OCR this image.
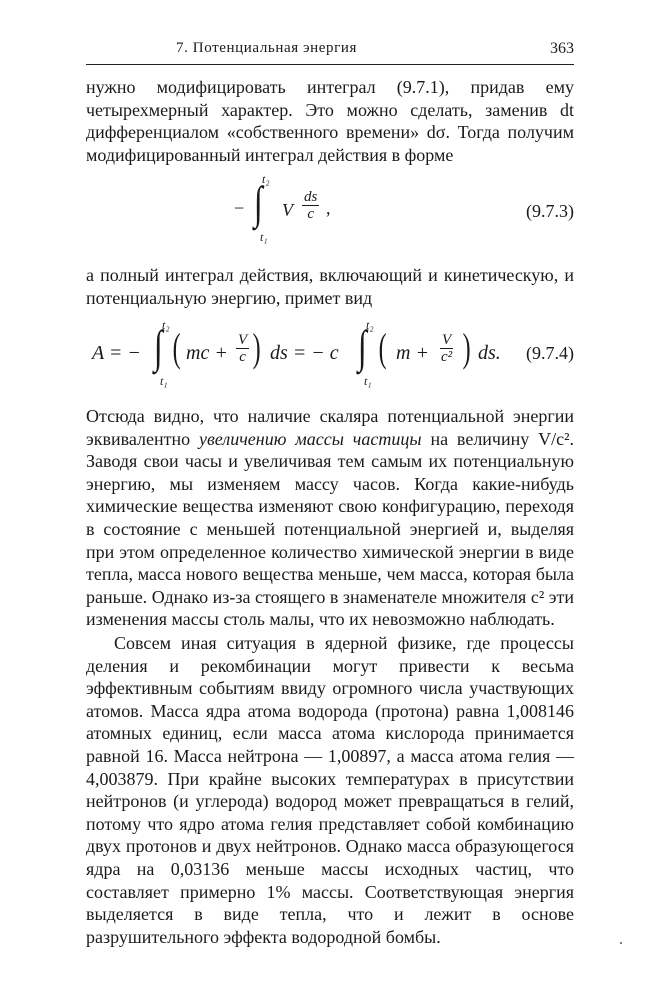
7. Потенциальная энергия	363

нужно модифицировать интеграл (9.7.1), придав ему четырехмерный характер. Это можно сделать, заменив dt дифференциалом «собственного времени» dσ. Тогда получим модифицированный интеграл действия в форме

−
t₂
∫
t₁
V $\frac{ds}{c}$ ,	(9.7.3)

а полный интеграл действия, включающий и кинетическую, и потенциальную энергию, примет вид

A = −
t₂
∫
t₁
( mc + $\frac{V}{c}$ ) ds = − c
t₂
∫
t₁
( $m + \frac{V}{\text{c²}}$ ) ds. (9.7.4)

Отсюда видно, что наличие скаляра потенциальной энергии эквивалентно увеличению массы частицы на величину V/c². Заводя свои часы и увеличивая тем самым их потенциальную энергию, мы изменяем массу часов. Когда какие-нибудь химические вещества изменяют свою конфигурацию, переходя в состояние с меньшей потенциальной энергией и, выделяя при этом определенное количество химической энергии в виде тепла, масса нового вещества меньше, чем масса, которая была раньше. Однако из-за стоящего в знаменателе множителя c² эти изменения массы столь малы, что их невозможно наблюдать.

Совсем иная ситуация в ядерной физике, где процессы деления и рекомбинации могут привести к весьма эффективным событиям ввиду огромного числа участвующих атомов. Масса ядра атома водорода (протона) равна 1,008146 атомных единиц, если масса атома кислорода принимается равной 16. Масса нейтрона — 1,00897, а масса атома гелия — 4,003879. При крайне высоких температурах в присутствии нейтронов (и углерода) водород может превращаться в гелий, потому что ядро атома гелия представляет собой комбинацию двух протонов и двух нейтронов. Однако масса образующегося ядра на 0,03136 меньше массы исходных частиц, что составляет примерно 1% массы. Соответствующая энергия выделяется в виде тепла, что и лежит в основе разрушительного эффекта водородной бомбы.
